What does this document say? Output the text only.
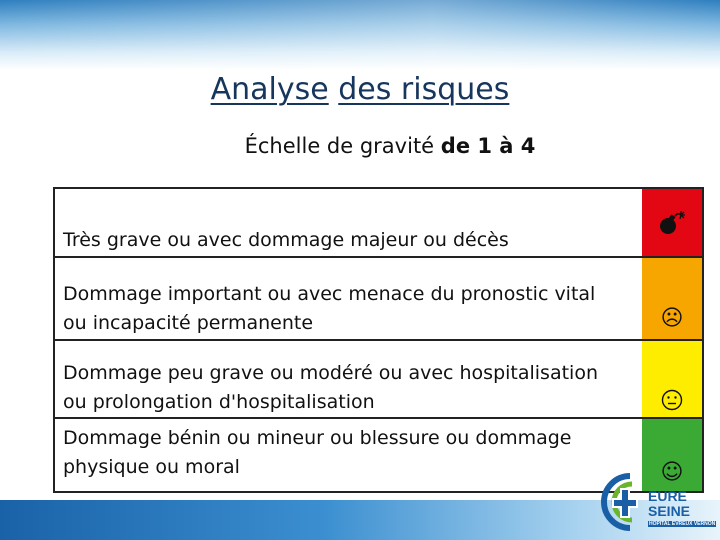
Analyse des risques
Échelle de gravité de 1 à 4
Très grave ou avec dommage majeur ou décès
Dommage important ou avec menace du pronostic vital ou incapacité permanente	☹
Dommage peu grave ou modéré ou avec hospitalisation ou prolongation d'hospitalisation
Dommage bénin ou mineur ou blessure ou dommage physique ou moral	☺
EURE
SEINE
HOPITAL EVREUX VERNON
